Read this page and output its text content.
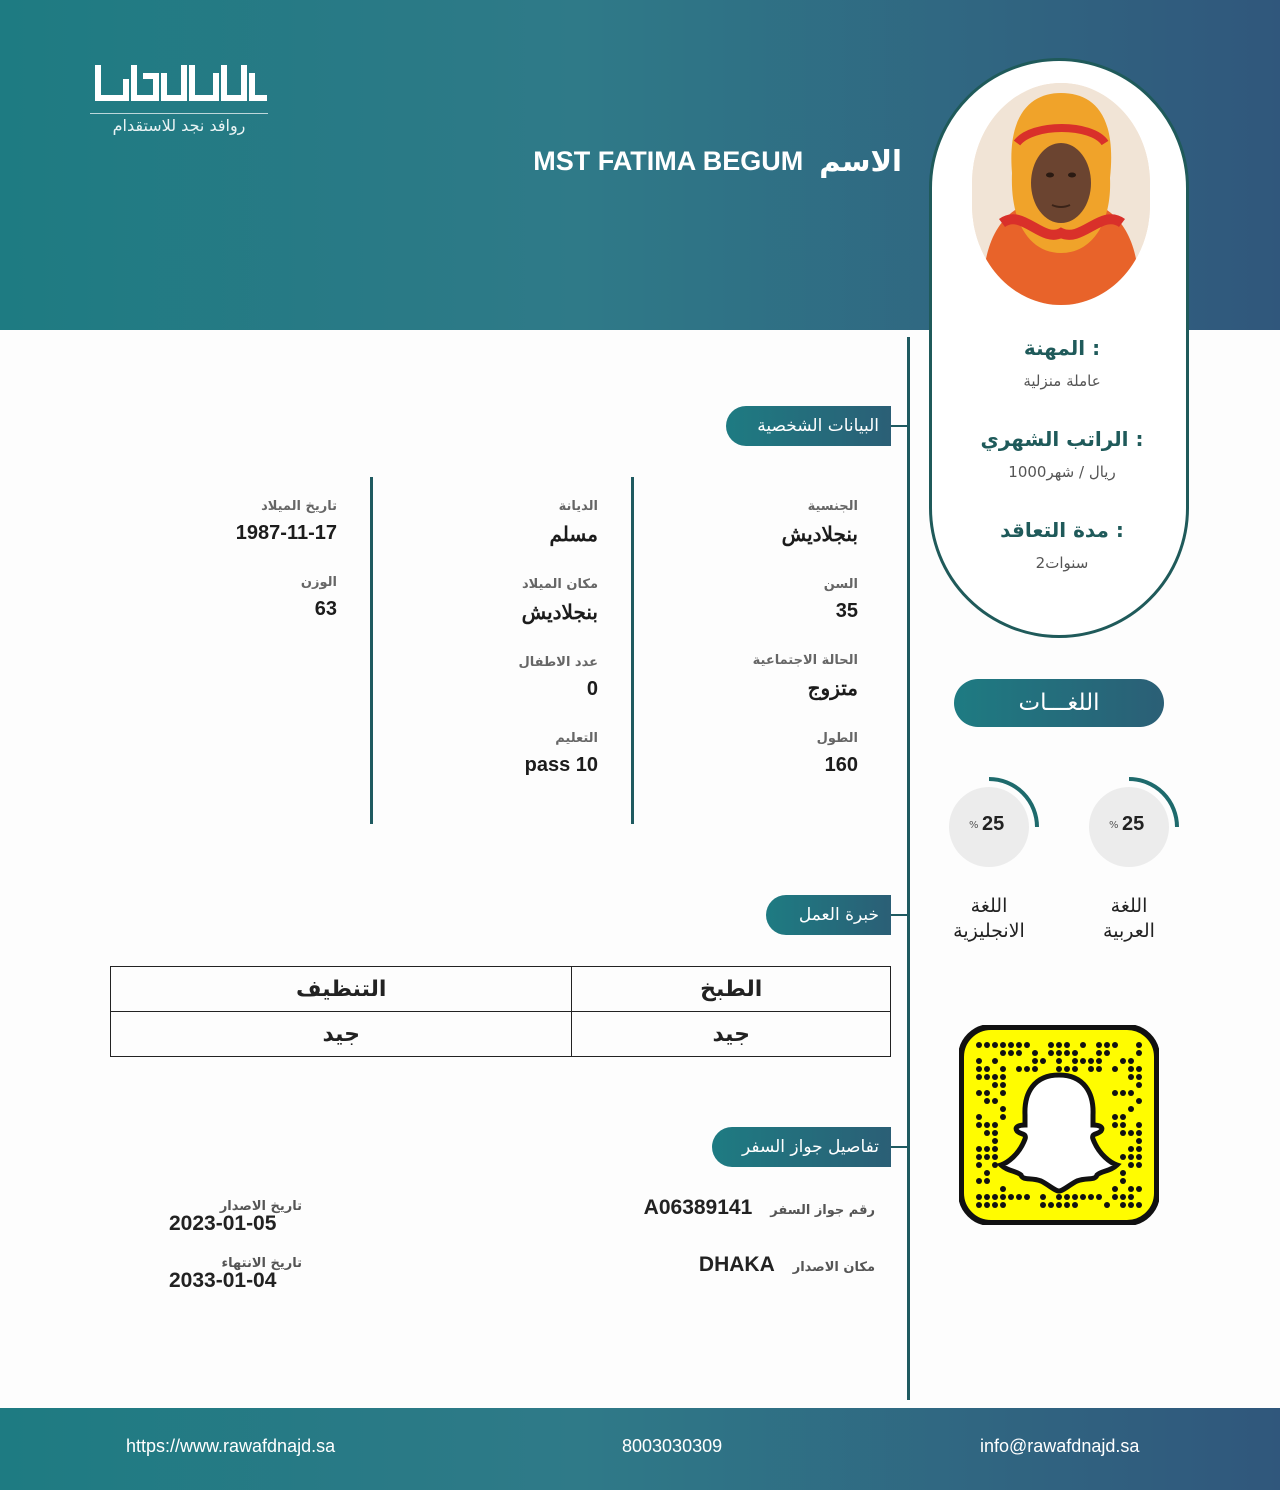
روافد نجد للاستقدام
الاسم
MST FATIMA BEGUM
المهنة :
عاملة منزلية
الراتب الشهري :
1000ريال / شهر
مدة التعاقد :
2سنوات
البيانات الشخصية
خبرة العمل
تفاصيل جواز السفر
الجنسية
بنجلاديش
السن
35
الحالة الاجتماعية
متزوج
الطول
160
الديانة
مسلم
مكان الميلاد
بنجلاديش
عدد الاطفال
0
التعليم
pass 10
تاريخ الميلاد
1987-11-17
الوزن
63
التنظيف	الطبخ
جيد	جيد
رقم جواز السفر
A06389141
مكان الاصدار
DHAKA
تاريخ الاصدار
2023-01-05
تاريخ الانتهاء
2033-01-04
اللغـــات
25
%
اللغة
العربية
25
%
اللغة
الانجليزية
https://www.rawafdnajd.sa	8003030309	info@rawafdnajd.sa
